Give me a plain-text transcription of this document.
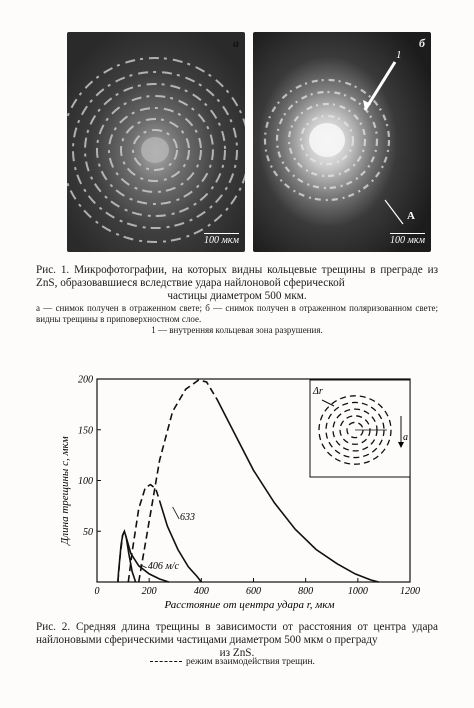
а
100 мкм
б
1
A
100 мкм

Рис. 1. Микрофотографии, на которых видны кольцевые трещины в преграде из ZnS, образовавшиеся вследствие удара найлоновой сферической
частицы диаметром 500 мкм.

а — снимок получен в отраженном свете; б — снимок получен в отраженном поляризованном свете; видны трещины в приповерхностном слое.
1 — внутренняя кольцевая зона разрушения.
0	200	400	600	800	1000	1200
50
100
150
200
Расстояние от центра удара r, мкм
Длина трещины c, мкм
406 м/с
633
Δr
a
Рис. 2. Средняя длина трещины в зависимости от расстояния от центра удара найлоновыми сферическими частицами диаметром 500 мкм о преграду
из ZnS.
режим взаимодействия трещин.
